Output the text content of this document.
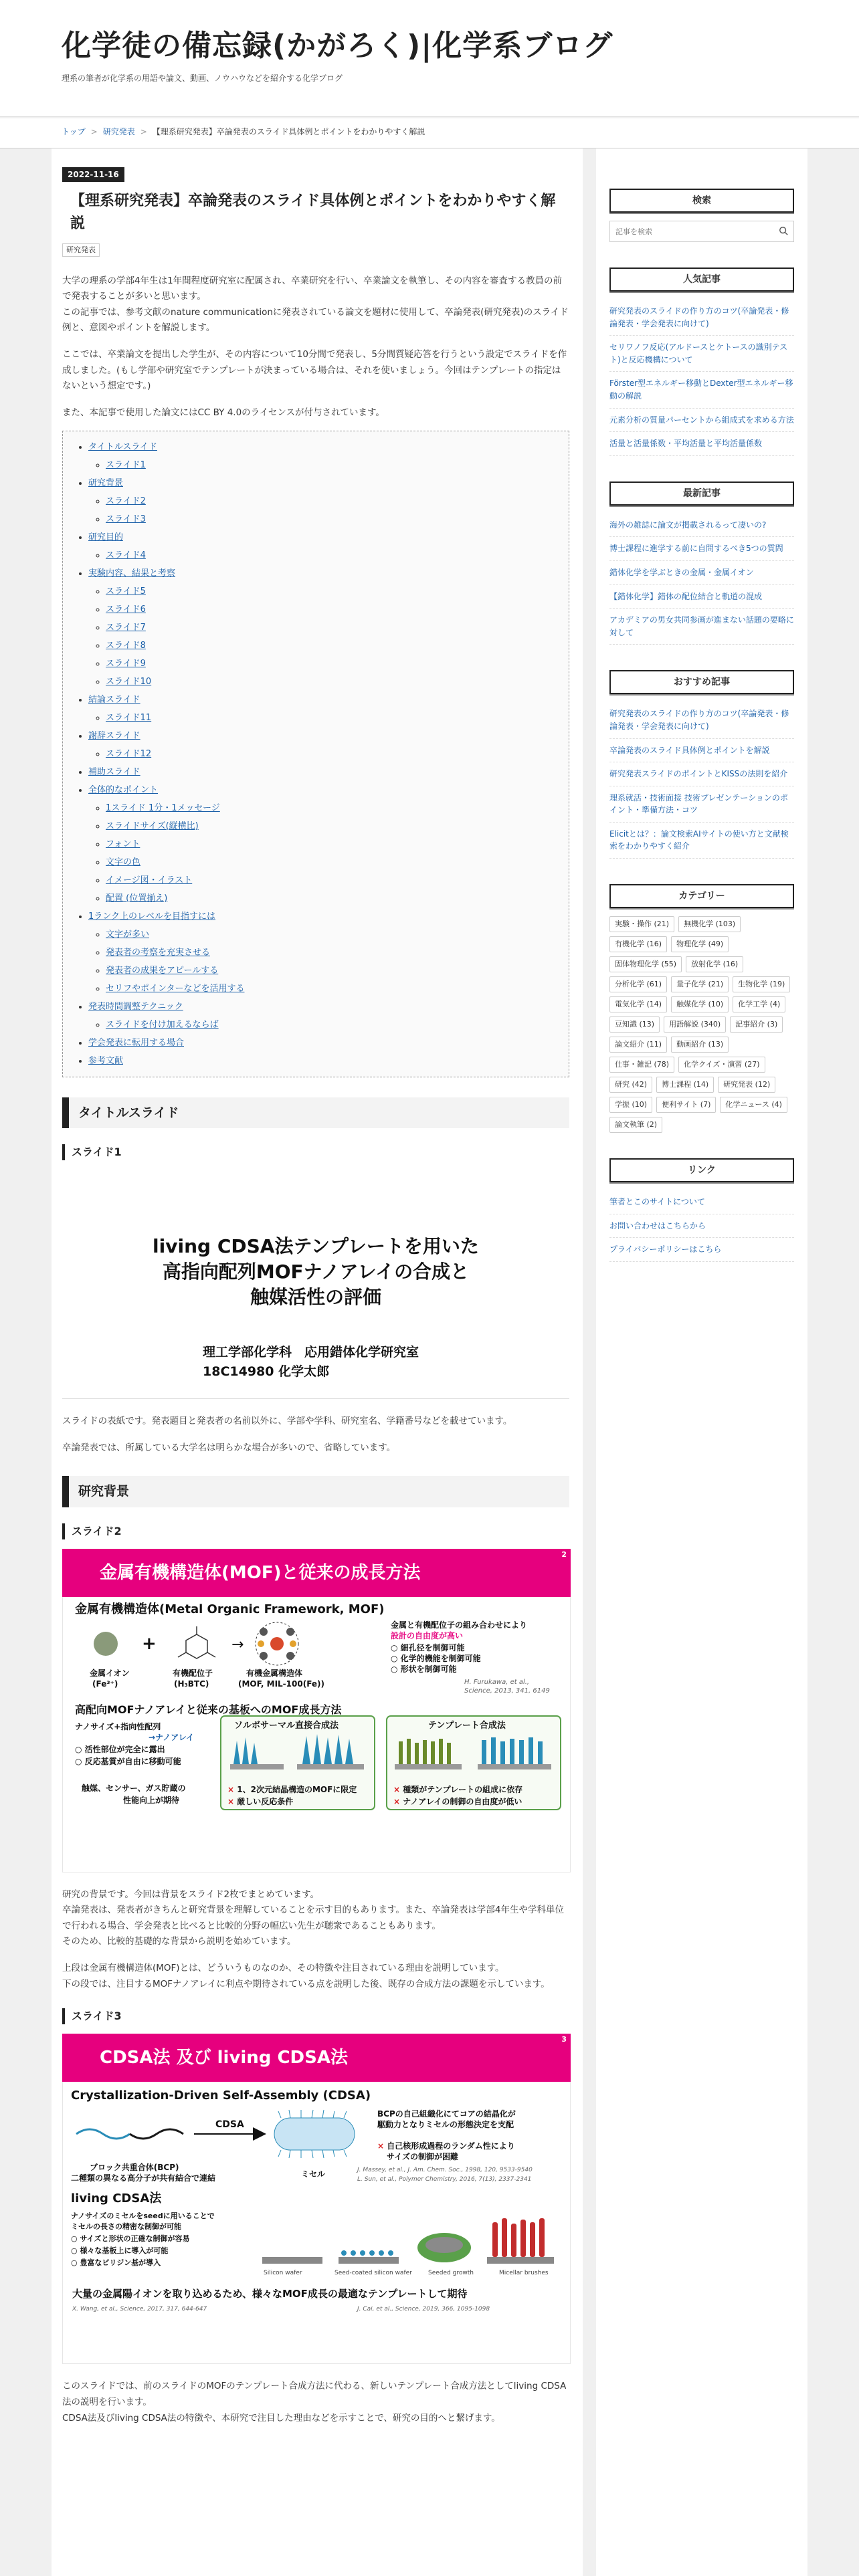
化学徒の備忘録(かがろく)|化学系ブログ
理系の筆者が化学系の用語や論文、動画、ノウハウなどを紹介する化学ブログ
トップ > 研究発表 > 【理系研究発表】卒論発表のスライド具体例とポイントをわかりやすく解説
2022-11-16
【理系研究発表】卒論発表のスライド具体例とポイントをわかりやすく解説
研究発表

大学の理系の学部4年生は1年間程度研究室に配属され、卒業研究を行い、卒業論文を執筆し、その内容を審査する教員の前で発表することが多いと思います。
この記事では、参考文献のnature communicationに発表されている論文を題材に使用して、卒論発表(研究発表)のスライド例と、意図やポイントを解説します。

ここでは、卒業論文を提出した学生が、その内容について10分間で発表し、5分間質疑応答を行うという設定でスライドを作成しました。(もし学部や研究室でテンプレートが決まっている場合は、それを使いましょう。今回はテンプレートの指定はないという想定です。)

また、本記事で使用した論文にはCC BY 4.0のライセンスが付与されています。

• タイトルスライド
◦ スライド1
• 研究背景
◦ スライド2
◦ スライド3
• 研究目的
◦ スライド4
• 実験内容、結果と考察
◦ スライド5
◦ スライド6
◦ スライド7
◦ スライド8
◦ スライド9
◦ スライド10
• 結論スライド
◦ スライド11
• 謝辞スライド
◦ スライド12
• 補助スライド
• 全体的なポイント
◦ 1スライド 1分・1メッセージ
◦ スライドサイズ(縦横比)
◦ フォント
◦ 文字の色
◦ イメージ図・イラスト
◦ 配置 (位置揃え)
• 1ランク上のレベルを目指すには
◦ 文字が多い
◦ 発表者の考察を充実させる
◦ 発表者の成果をアピールする
◦ セリフやポインターなどを活用する
• 発表時間調整テクニック
◦ スライドを付け加えるならば
• 学会発表に転用する場合
• 参考文献
タイトルスライド
スライド1
living CDSA法テンプレートを用いた
高指向配列MOFナノアレイの合成と
触媒活性の評価
理工学部化学科　応用錯体化学研究室
18C14980 化学太郎

スライドの表紙です。発表題目と発表者の名前以外に、学部や学科、研究室名、学籍番号などを載せています。

卒論発表では、所属している大学名は明らかな場合が多いので、省略しています。

研究背景
スライド2
金属有機構造体(MOF)と従来の成長方法
2
金属有機構造体(Metal Organic Framework, MOF)
+	→
金属イオン
(Fe³⁺)
有機配位子
(H₃BTC)
有機金属構造体
(MOF, MIL-100(Fe))
金属と有機配位子の組み合わせにより
設計の自由度が高い
○ 細孔径を制御可能
○ 化学的機能を制御可能
○ 形状を制御可能
H. Furukawa, et al.,
Science, 2013, 341, 6149
高配向MOFナノアレイと従来の基板へのMOF成長方法
ナノサイズ+指向性配列
→ナノアレイ
○ 活性部位が完全に露出
○ 反応基質が自由に移動可能
触媒、センサー、ガス貯蔵の
性能向上が期待
ソルボサーマル直接合成法
× 1、2次元結晶構造のMOFに限定
× 厳しい反応条件
テンプレート合成法
× 種類がテンプレートの組成に依存
× ナノアレイの制御の自由度が低い

研究の背景です。今回は背景をスライド2枚でまとめています。
卒論発表は、発表者がきちんと研究背景を理解していることを示す目的もあります。また、卒論発表は学部4年生や学科単位で行われる場合、学会発表と比べると比較的分野の幅広い先生が聴衆であることもあります。
そのため、比較的基礎的な背景から説明を始めています。

上段は金属有機構造体(MOF)とは、どういうものなのか、その特徴や注目されている理由を説明しています。
下の段では、注目するMOFナノアレイに利点や期待されている点を説明した後、既存の合成方法の課題を示しています。

スライド3
CDSA法 及び living CDSA法
3
Crystallization-Driven Self-Assembly (CDSA)
CDSA
ブロック共重合体(BCP)
二種類の異なる高分子が共有結合で連結	ミセル
BCPの自己組織化にてコアの結晶化が
駆動力となりミセルの形態決定を支配
× 自己核形成過程のランダム性により
サイズの制御が困難
J. Massey, et al., J. Am. Chem. Soc., 1998, 120, 9533-9540
L. Sun, et al., Polymer Chemistry, 2016, 7(13), 2337-2341
living CDSA法
ナノサイズのミセルをseedに用いることで
ミセルの長さの精密な制御が可能
○ サイズと形状の正確な制御が容易
○ 様々な基板上に導入が可能
○ 豊富なビリジン基が導入
Silicon wafer	Seed-coated silicon wafer	Seeded growth	Micellar brushes
大量の金属陽イオンを取り込めるため、様々なMOF成長の最適なテンプレートして期待
X. Wang, et al., Science, 2017, 317, 644-647	J. Cai, et al., Science, 2019, 366, 1095-1098

このスライドでは、前のスライドのMOFのテンプレート合成方法に代わる、新しいテンプレート合成方法としてliving CDSA法の説明を行います。
CDSA法及びliving CDSA法の特徴や、本研究で注目した理由などを示すことで、研究の目的へと繋げます。

検索
記事を検索
人気記事
研究発表のスライドの作り方のコツ(卒論発表・修論発表・学会発表に向けて)
セリワノフ反応(アルドースとケトースの識別テスト)と反応機構について
Förster型エネルギー移動とDexter型エネルギー移動の解説
元素分析の質量パーセントから組成式を求める方法
活量と活量係数・平均活量と平均活量係数
最新記事
海外の雑誌に論文が掲載されるって凄いの?
博士課程に進学する前に自問するべき5つの質問
錯体化学を学ぶときの金属・金属イオン
【錯体化学】錯体の配位結合と軌道の混成
アカデミアの男女共同参画が進まない話題の要略に対して
おすすめ記事
研究発表のスライドの作り方のコツ(卒論発表・修論発表・学会発表に向けて)
卒論発表のスライド具体例とポイントを解説
研究発表スライドのポイントとKISSの法則を紹介
理系就活・技術面接 技術プレゼンテーションのポイント・準備方法・コツ
Elicitとは？：論文検索AIサイトの使い方と文献検索をわかりやすく紹介
カテゴリー
実験・操作 (21)	無機化学 (103)
有機化学 (16)	物理化学 (49)
固体物理化学 (55)	放射化学 (16)
分析化学 (61)	量子化学 (21)	生物化学 (19)
電気化学 (14)	触媒化学 (10)	化学工学 (4)
豆知識 (13)	用語解説 (340)	記事紹介 (3)
論文紹介 (11)	動画紹介 (13)
仕事・雑記 (78)	化学クイズ・演習 (27)
研究 (42)	博士課程 (14)	研究発表 (12)
学振 (10)	便利サイト (7)	化学ニュース (4)
論文執筆 (2)
リンク
筆者とこのサイトについて
お問い合わせはこちらから
プライバシーポリシーはこちら
